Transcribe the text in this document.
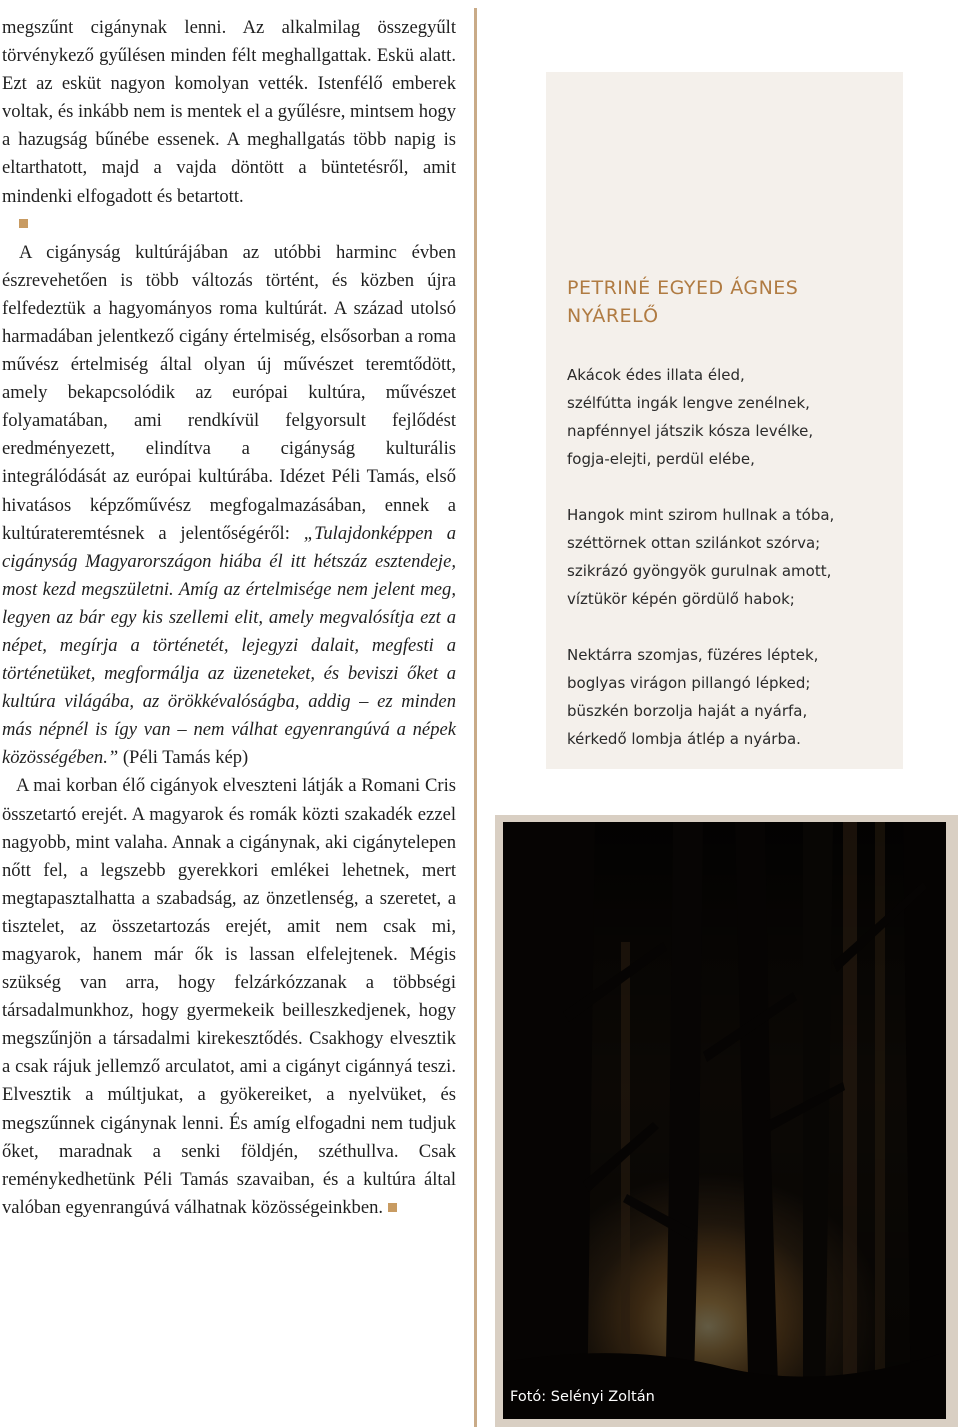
megszűnt cigánynak lenni. Az alkalmilag összegyűlt törvénykező gyűlésen minden félt meghallgattak. Eskü alatt. Ezt az esküt nagyon komolyan vették. Istenfélő emberek voltak, és inkább nem is mentek el a gyűlésre, mintsem hogy a hazugság bűnébe essenek. A meghallgatás több napig is eltarthatott, majd a vajda döntött a büntetésről, amit mindenki elfogadott és betartott.

A cigányság kultúrájában az utóbbi harminc évben észrevehetően is több változás történt, és közben újra felfedeztük a hagyományos roma kultúrát. A század utolsó harmadában jelentkező cigány értelmiség, elsősorban a roma művész értelmiség által olyan új művészet teremtődött, amely bekapcsolódik az európai kultúra, művészet folyamatában, ami rendkívül felgyorsult fejlődést eredményezett, elindítva a cigányság kulturális integrálódását az európai kultúrába. Idézet Péli Tamás, első hivatásos képzőművész megfogalmazásában, ennek a kultúrateremtésnek a jelentőségéről: „Tulajdonképpen a cigányság Magyarországon hiába él itt hétszáz esztendeje, most kezd megszületni. Amíg az értelmisége nem jelent meg, legyen az bár egy kis szellemi elit, amely megvalósítja ezt a népet, megírja a történetét, lejegyzi dalait, megfesti a történetüket, megformálja az üzeneteket, és beviszi őket a kultúra világába, az örökkévalóságba, addig – ez minden más népnél is így van – nem válhat egyenrangúvá a népek közösségében.” (Péli Tamás kép)

A mai korban élő cigányok elveszteni látják a Romani Cris összetartó erejét. A magyarok és romák közti szakadék ezzel nagyobb, mint valaha. Annak a cigánynak, aki cigánytelepen nőtt fel, a legszebb gyerekkori emlékei lehetnek, mert megtapasztalhatta a szabadság, az önzetlenség, a szeretet, a tisztelet, az összetartozás erejét, amit nem csak mi, magyarok, hanem már ők is lassan elfelejtenek. Mégis szükség van arra, hogy felzárkózzanak a többségi társadalmunkhoz, hogy gyermekeik beilleszkedjenek, hogy megszűnjön a társadalmi kirekesztődés. Csakhogy elvesztik a csak rájuk jellemző arculatot, ami a cigányt cigánnyá teszi. Elvesztik a múltjukat, a gyökereiket, a nyelvüket, és megszűnnek cigánynak lenni. És amíg elfogadni nem tudjuk őket, maradnak a senki földjén, széthullva. Csak reménykedhetünk Péli Tamás szavaiban, és a kultúra által valóban egyenrangúvá válhatnak közösségeinkben.

PETRINÉ EGYED ÁGNES
NYÁRELŐ
Akácok édes illata éled,
szélfútta ingák lengve zenélnek,
napfénnyel játszik kósza levélke,
fogja-elejti, perdül elébe,
Hangok mint szirom hullnak a tóba,
széttörnek ottan szilánkot szórva;
szikrázó gyöngyök gurulnak amott,
víztükör képén gördülő habok;
Nektárra szomjas, füzéres léptek,
boglyas virágon pillangó lépked;
büszkén borzolja haját a nyárfa,
kérkedő lombja átlép a nyárba.
Fotó: Selényi Zoltán
